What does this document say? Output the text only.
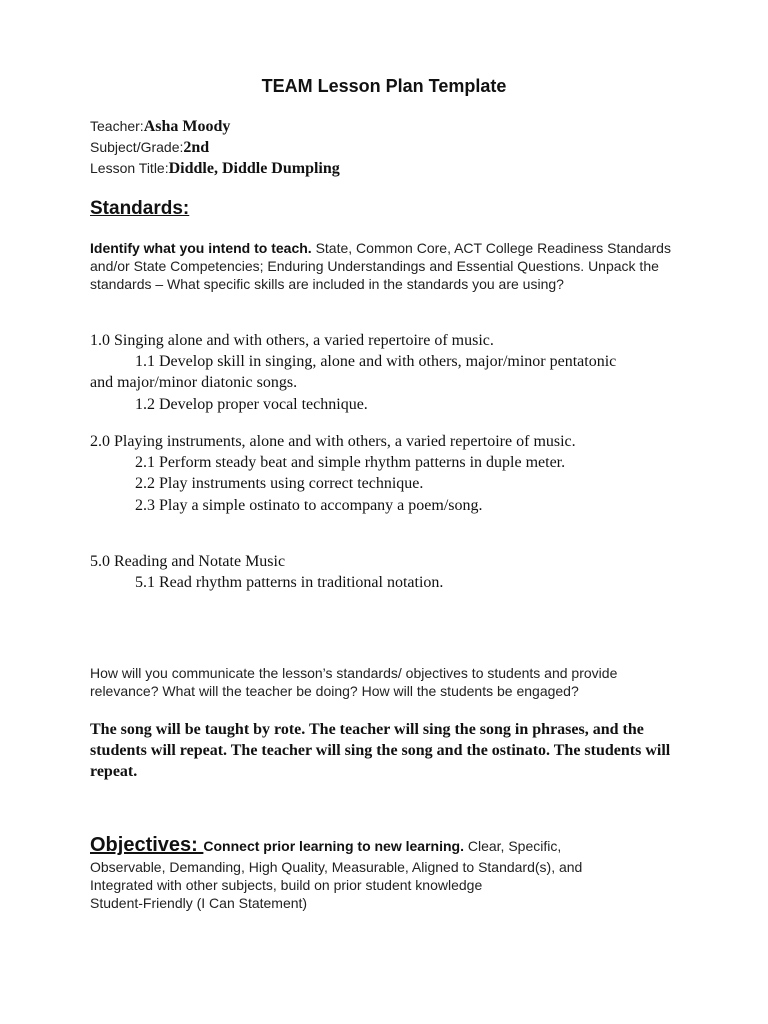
TEAM Lesson Plan Template
Teacher:Asha Moody
Subject/Grade:2nd
Lesson Title:Diddle, Diddle Dumpling
Standards:
Identify what you intend to teach. State, Common Core, ACT College Readiness Standards and/or State Competencies; Enduring Understandings and Essential Questions. Unpack the standards – What specific skills are included in the standards you are using?
1.0 Singing alone and with others, a varied repertoire of music.
1.1 Develop skill in singing, alone and with others, major/minor pentatonic
and major/minor diatonic songs.
1.2 Develop proper vocal technique.
2.0 Playing instruments, alone and with others, a varied repertoire of music.
2.1 Perform steady beat and simple rhythm patterns in duple meter.
2.2 Play instruments using correct technique.
2.3 Play a simple ostinato to accompany a poem/song.
5.0 Reading and Notate Music
5.1 Read rhythm patterns in traditional notation.
How will you communicate the lesson’s standards/ objectives to students and provide relevance? What will the teacher be doing? How will the students be engaged?
The song will be taught by rote. The teacher will sing the song in phrases, and the students will repeat. The teacher will sing the song and the ostinato. The students will repeat.
Objectives: Connect prior learning to new learning. Clear, Specific,
Observable, Demanding, High Quality, Measurable, Aligned to Standard(s), and
Integrated with other subjects, build on prior student knowledge
Student-Friendly (I Can Statement)
